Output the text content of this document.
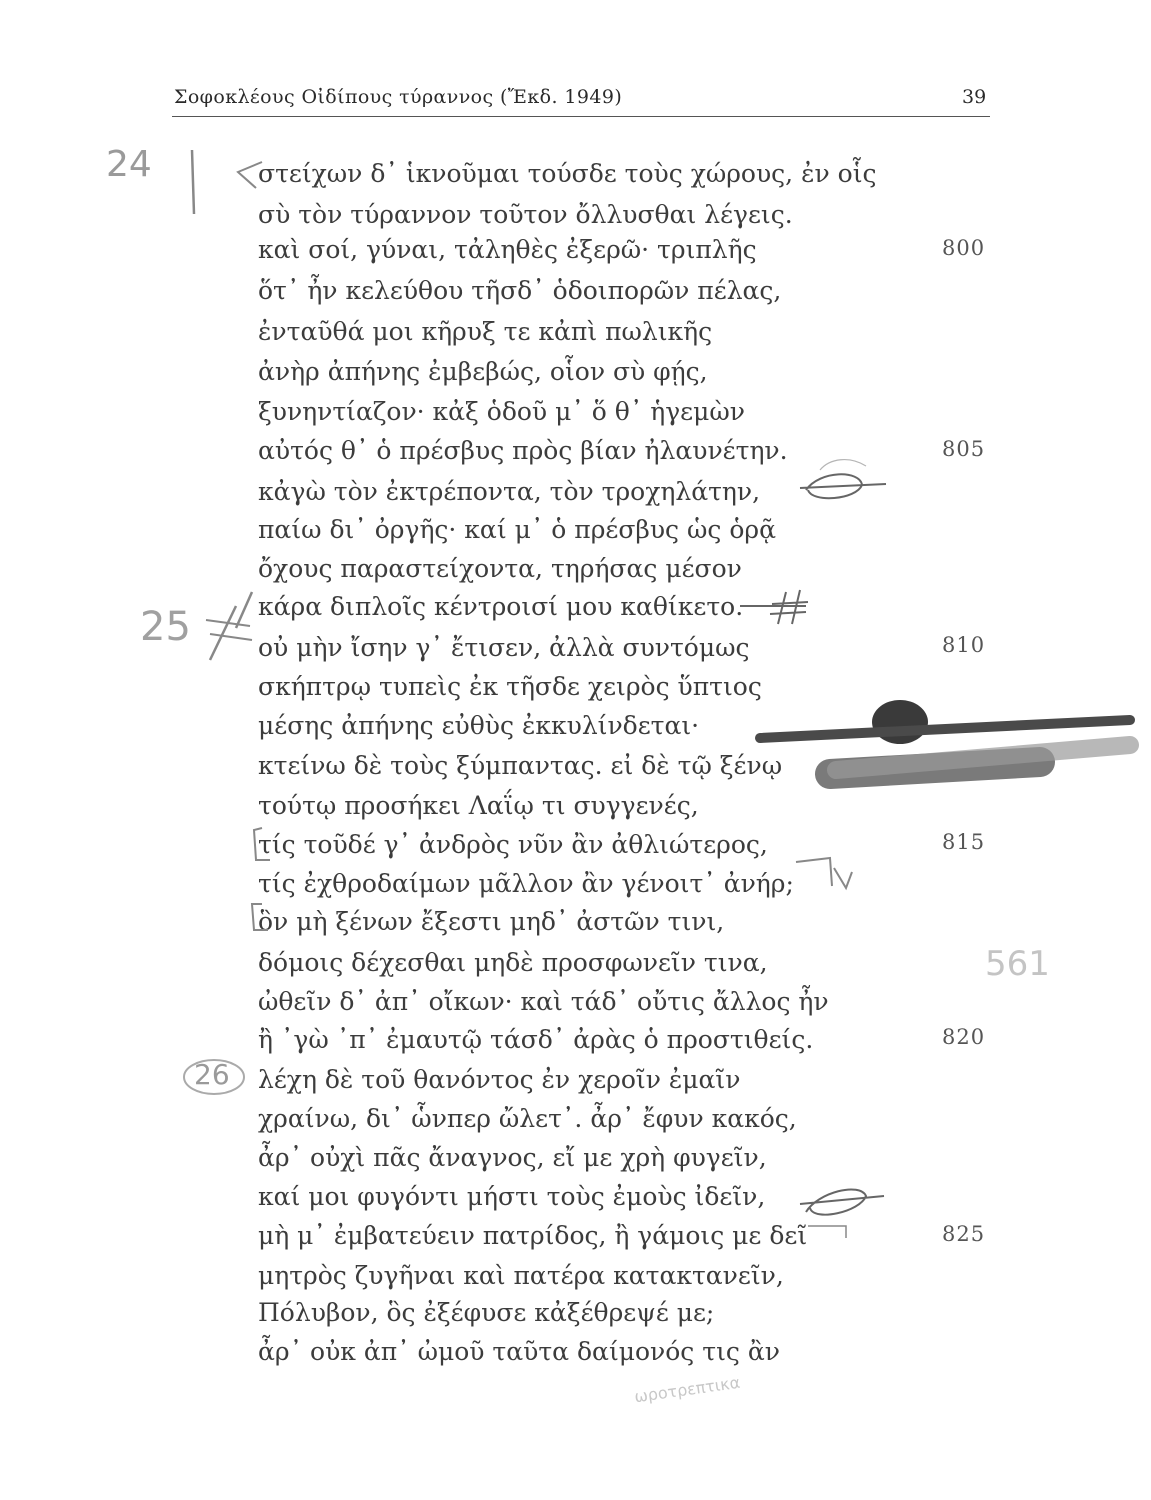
Σοφοκλέους Οἰδίπους τύραννος (Ἔκδ. 1949)	39
στείχων δ᾽ ἱκνοῦμαι τούσδε τοὺς χώρους, ἐν οἷς
σὺ τὸν τύραννον τοῦτον ὄλλυσθαι λέγεις.
καὶ σοί, γύναι, τἀληθὲς ἐξερῶ· τριπλῆς
ὅτ᾽ ἦν κελεύθου τῆσδ᾽ ὁδοιπορῶν πέλας,
ἐνταῦθά μοι κῆρυξ τε κἀπὶ πωλικῆς
ἀνὴρ ἀπήνης ἐμβεβώς, οἷον σὺ φῄς,
ξυνηντίαζον· κἀξ ὁδοῦ μ᾽ ὅ θ᾽ ἡγεμὼν
αὐτός θ᾽ ὁ πρέσβυς πρὸς βίαν ἠλαυνέτην.
κἀγὼ τὸν ἐκτρέποντα, τὸν τροχηλάτην,
παίω δι᾽ ὀργῆς· καί μ᾽ ὁ πρέσβυς ὡς ὁρᾷ
ὄχους παραστείχοντα, τηρήσας μέσον
κάρα διπλοῖς κέντροισί μου καθίκετο.
οὐ μὴν ἴσην γ᾽ ἔτισεν, ἀλλὰ συντόμως
σκήπτρῳ τυπεὶς ἐκ τῆσδε χειρὸς ὕπτιος
μέσης ἀπήνης εὐθὺς ἐκκυλίνδεται·
κτείνω δὲ τοὺς ξύμπαντας. εἰ δὲ τῷ ξένῳ
τούτῳ προσήκει Λαΐῳ τι συγγενές,
τίς τοῦδέ γ᾽ ἀνδρὸς νῦν ἂν ἀθλιώτερος,
τίς ἐχθροδαίμων μᾶλλον ἂν γένοιτ᾽ ἀνήρ;
ὃν μὴ ξένων ἔξεστι μηδ᾽ ἀστῶν τινι,
δόμοις δέχεσθαι μηδὲ προσφωνεῖν τινα,
ὠθεῖν δ᾽ ἀπ᾽ οἴκων· καὶ τάδ᾽ οὔτις ἄλλος ἦν
ἢ ᾽γὼ ᾽π᾽ ἐμαυτῷ τάσδ᾽ ἀρὰς ὁ προστιθείς.
λέχη δὲ τοῦ θανόντος ἐν χεροῖν ἐμαῖν
χραίνω, δι᾽ ὧνπερ ὤλετ᾽. ἆρ᾽ ἔφυν κακός,
ἆρ᾽ οὐχὶ πᾶς ἄναγνος, εἴ με χρὴ φυγεῖν,
καί μοι φυγόντι μήστι τοὺς ἐμοὺς ἰδεῖν,
μὴ μ᾽ ἐμβατεύειν πατρίδος, ἢ γάμοις με δεῖ
μητρὸς ζυγῆναι καὶ πατέρα κατακτανεῖν,
Πόλυβον, ὃς ἐξέφυσε κἀξέθρεψέ με;
ἆρ᾽ οὐκ ἀπ᾽ ὠμοῦ ταῦτα δαίμονός τις ἂν
800
805
810
815
820
825
24
25
26
561
ωροτρεπτικα
